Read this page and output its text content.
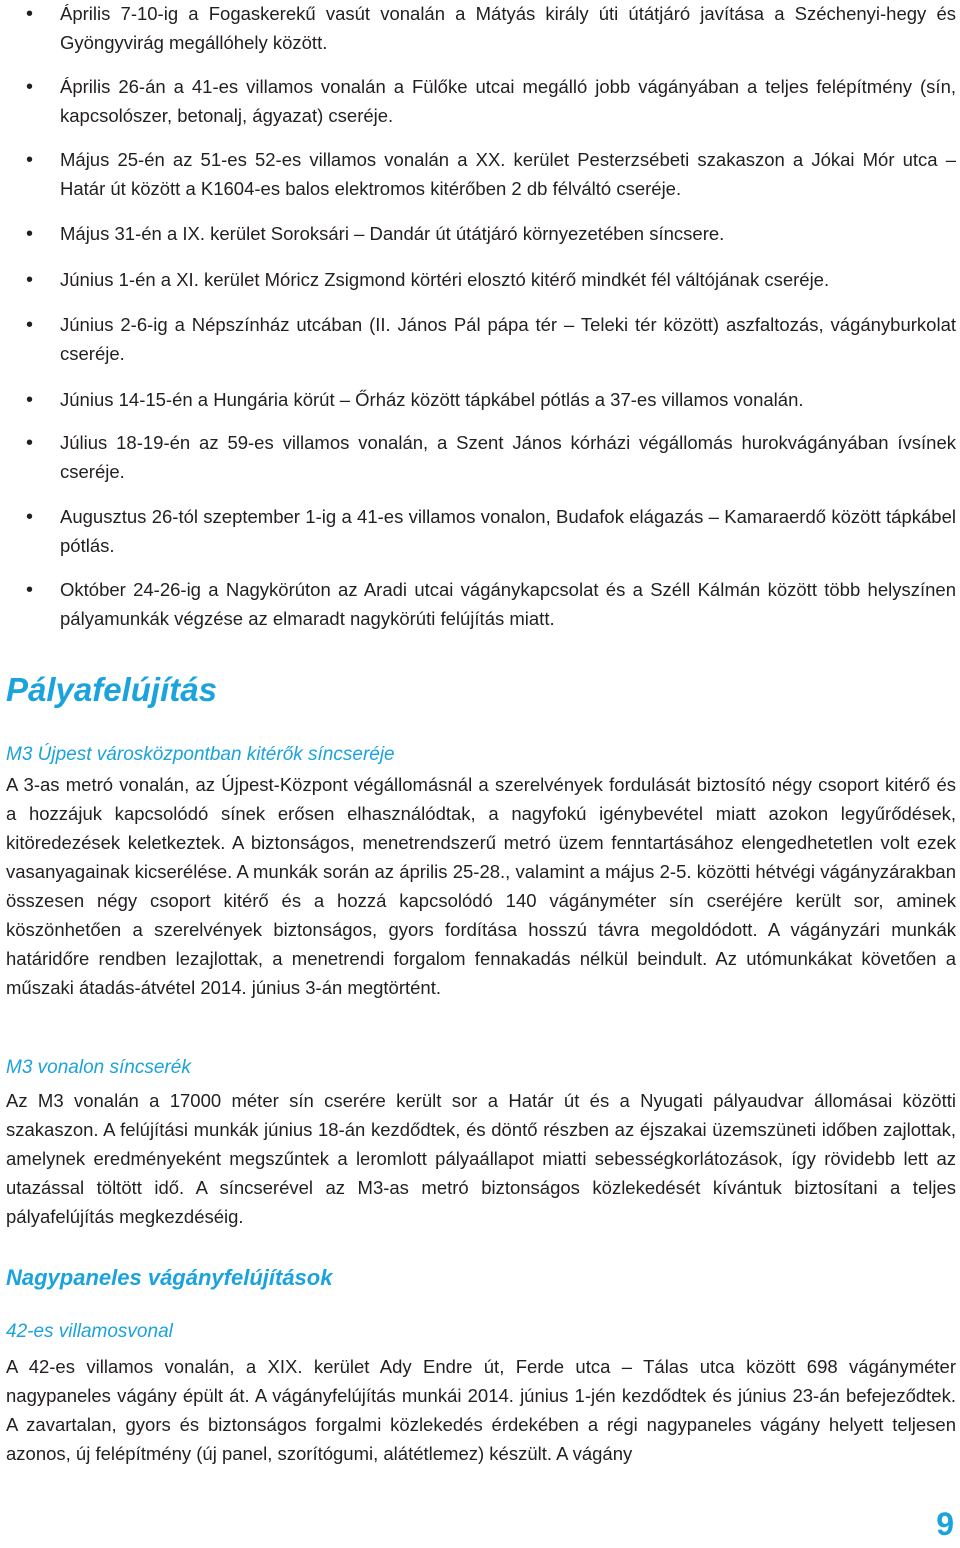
• Április 7-10-ig a Fogaskerekű vasút vonalán a Mátyás király úti útátjáró javítása a Széchenyi-hegy és Gyöngyvirág megállóhely között.
• Április 26-án a 41-es villamos vonalán a Fülőke utcai megálló jobb vágányában a teljes felépítmény (sín, kapcsolószer, betonalj, ágyazat) cseréje.
• Május 25-én az 51-es 52-es villamos vonalán a XX. kerület Pesterzsébeti szakaszon a Jókai Mór utca – Határ út között a K1604-es balos elektromos kitérőben 2 db félváltó cseréje.
• Május 31-én a IX. kerület Soroksári – Dandár út útátjáró környezetében síncsere.
• Június 1-én a XI. kerület Móricz Zsigmond körtéri elosztó kitérő mindkét fél váltójának cseréje.
• Június 2-6-ig a Népszínház utcában (II. János Pál pápa tér – Teleki tér között) aszfaltozás, vágányburkolat cseréje.
• Június 14-15-én a Hungária körút – Őrház között tápkábel pótlás a 37-es villamos vonalán.
• Július 18-19-én az 59-es villamos vonalán, a Szent János kórházi végállomás hurokvágányában ívsínek cseréje.
• Augusztus 26-tól szeptember 1-ig a 41-es villamos vonalon, Budafok elágazás – Kamaraerdő között tápkábel pótlás.
• Október 24-26-ig a Nagykörúton az Aradi utcai vágánykapcsolat és a Széll Kálmán között több helyszínen pályamunkák végzése az elmaradt nagykörúti felújítás miatt.
Pályafelújítás
M3 Újpest városközpontban kitérők síncseréje
A 3-as metró vonalán, az Újpest-Központ végállomásnál a szerelvények fordulását biztosító négy csoport kitérő és a hozzájuk kapcsolódó sínek erősen elhasználódtak, a nagyfokú igénybevétel miatt azokon legyűrődések, kitöredezések keletkeztek. A biztonságos, menetrendszerű metró üzem fenntartásához elengedhetetlen volt ezek vasanyagainak kicserélése. A munkák során az április 25-28., valamint a május 2-5. közötti hétvégi vágányzárakban összesen négy csoport kitérő és a hozzá kapcsolódó 140 vágányméter sín cseréjére került sor, aminek köszönhetően a szerelvények biztonságos, gyors fordítása hosszú távra megoldódott. A vágányzári munkák határidőre rendben lezajlottak, a menetrendi forgalom fennakadás nélkül beindult. Az utómunkákat követően a műszaki átadás-átvétel 2014. június 3-án megtörtént.
M3 vonalon síncserék
Az M3 vonalán a 17000 méter sín cserére került sor a Határ út és a Nyugati pályaudvar állomásai közötti szakaszon. A felújítási munkák június 18-án kezdődtek, és döntő részben az éjszakai üzemszüneti időben zajlottak, amelynek eredményeként megszűntek a leromlott pályaállapot miatti sebességkorlátozások, így rövidebb lett az utazással töltött idő. A síncserével az M3-as metró biztonságos közlekedését kívántuk biztosítani a teljes pályafelújítás megkezdéséig.
Nagypaneles vágányfelújítások
42-es villamosvonal
A 42-es villamos vonalán, a XIX. kerület Ady Endre út, Ferde utca – Tálas utca között 698 vágányméter nagypaneles vágány épült át. A vágányfelújítás munkái 2014. június 1-jén kezdődtek és június 23-án befejeződtek. A zavartalan, gyors és biztonságos forgalmi közlekedés érdekében a régi nagypaneles vágány helyett teljesen azonos, új felépítmény (új panel, szorítógumi, alátétlemez) készült. A vágány
9
